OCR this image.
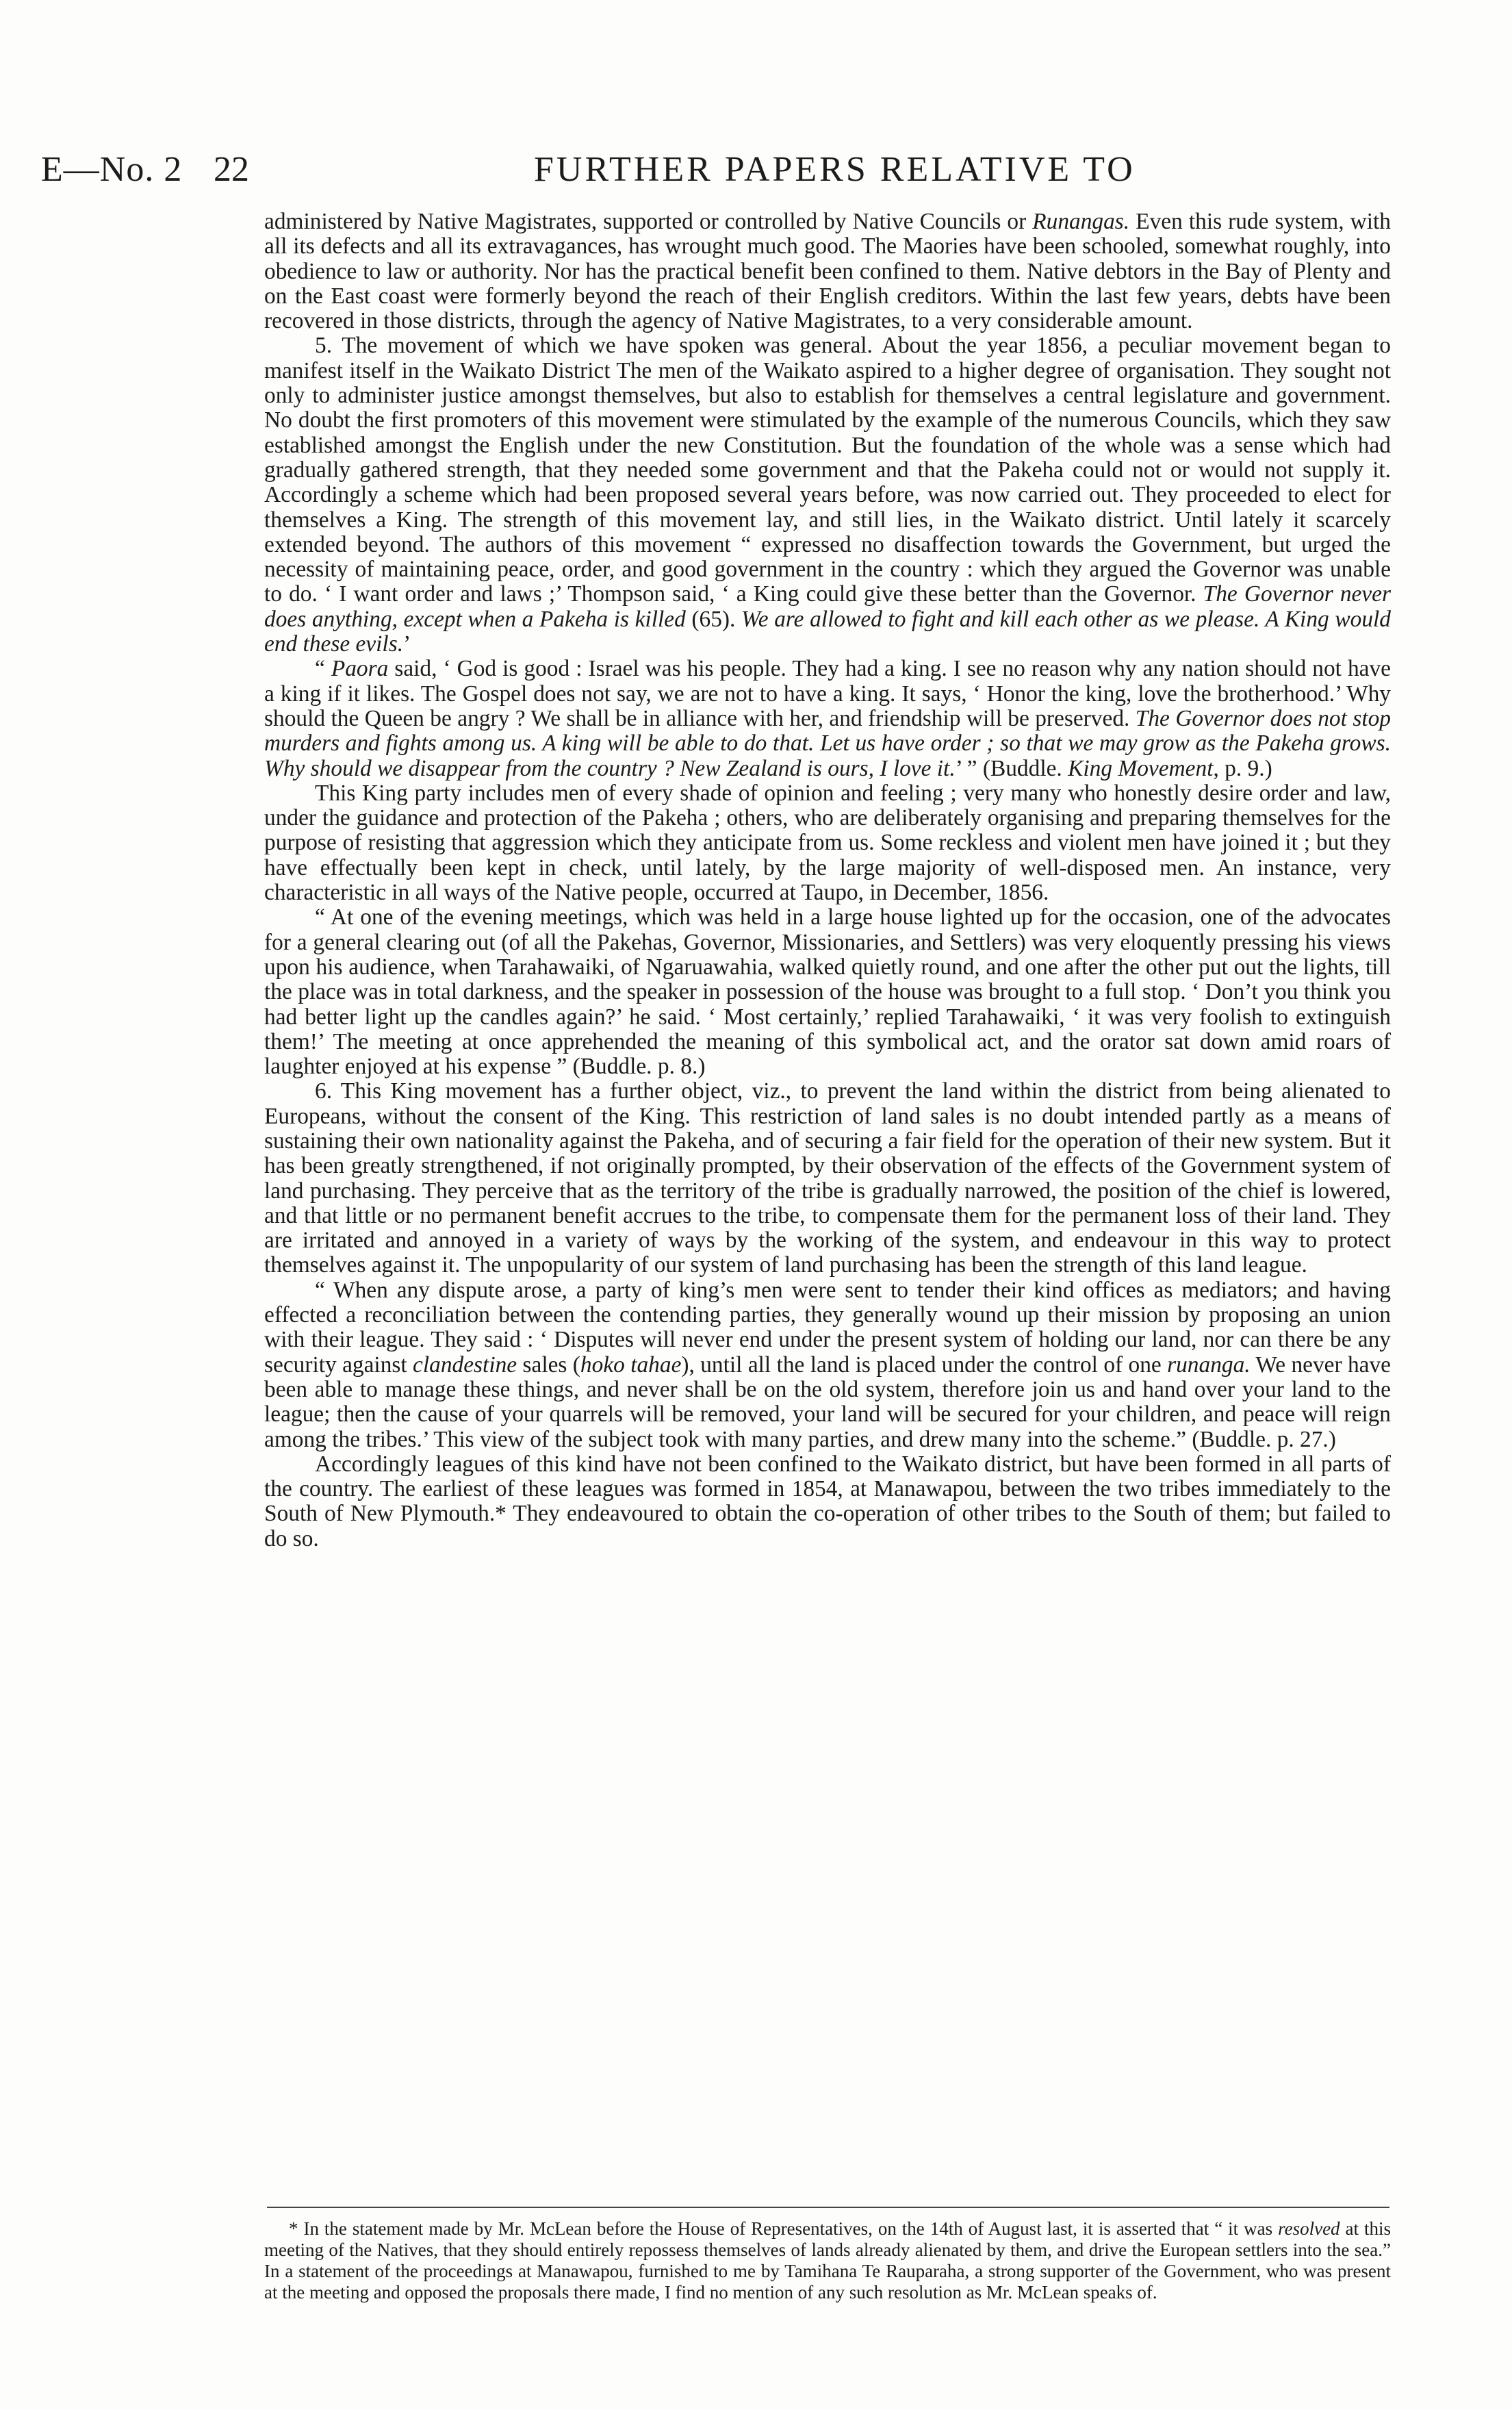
E—No. 2 22	FURTHER PAPERS RELATIVE TO

administered by Native Magistrates, supported or controlled by Native Councils or Runangas. Even this rude system, with all its defects and all its extravagances, has wrought much good. The Maories have been schooled, somewhat roughly, into obedience to law or authority. Nor has the practical benefit been confined to them. Native debtors in the Bay of Plenty and on the East coast were formerly beyond the reach of their English creditors. Within the last few years, debts have been recovered in those districts, through the agency of Native Magistrates, to a very considerable amount.

5. The movement of which we have spoken was general. About the year 1856, a peculiar movement began to manifest itself in the Waikato District The men of the Waikato aspired to a higher degree of organisation. They sought not only to administer justice amongst themselves, but also to establish for themselves a central legislature and government. No doubt the first promoters of this movement were stimulated by the example of the numerous Councils, which they saw established amongst the English under the new Constitution. But the foundation of the whole was a sense which had gradually gathered strength, that they needed some government and that the Pakeha could not or would not supply it. Accordingly a scheme which had been proposed several years before, was now carried out. They proceeded to elect for themselves a King. The strength of this movement lay, and still lies, in the Waikato district. Until lately it scarcely extended beyond. The authors of this movement “ expressed no disaffection towards the Government, but urged the necessity of maintaining peace, order, and good government in the country : which they argued the Governor was unable to do. ‘ I want order and laws ;’ Thompson said, ‘ a King could give these better than the Governor. The Governor never does anything, except when a Pakeha is killed (65). We are allowed to fight and kill each other as we please. A King would end these evils.’

“ Paora said, ‘ God is good : Israel was his people. They had a king. I see no reason why any nation should not have a king if it likes. The Gospel does not say, we are not to have a king. It says, ‘ Honor the king, love the brotherhood.’ Why should the Queen be angry ? We shall be in alliance with her, and friendship will be preserved. The Governor does not stop murders and fights among us. A king will be able to do that. Let us have order ; so that we may grow as the Pakeha grows. Why should we disappear from the country ? New Zealand is ours, I love it.’ ” (Buddle. King Movement, p. 9.)

This King party includes men of every shade of opinion and feeling ; very many who honestly desire order and law, under the guidance and protection of the Pakeha ; others, who are deliberately organising and preparing themselves for the purpose of resisting that aggression which they anticipate from us. Some reckless and violent men have joined it ; but they have effectually been kept in check, until lately, by the large majority of well-disposed men. An instance, very characteristic in all ways of the Native people, occurred at Taupo, in December, 1856.

“ At one of the evening meetings, which was held in a large house lighted up for the occasion, one of the advocates for a general clearing out (of all the Pakehas, Governor, Missionaries, and Settlers) was very eloquently pressing his views upon his audience, when Tarahawaiki, of Ngaruawahia, walked quietly round, and one after the other put out the lights, till the place was in total darkness, and the speaker in possession of the house was brought to a full stop. ‘ Don’t you think you had better light up the candles again?’ he said. ‘ Most certainly,’ replied Tarahawaiki, ‘ it was very foolish to extinguish them!’ The meeting at once apprehended the meaning of this symbolical act, and the orator sat down amid roars of laughter enjoyed at his expense ” (Buddle. p. 8.)

6. This King movement has a further object, viz., to prevent the land within the district from being alienated to Europeans, without the consent of the King. This restriction of land sales is no doubt intended partly as a means of sustaining their own nationality against the Pakeha, and of securing a fair field for the operation of their new system. But it has been greatly strengthened, if not originally prompted, by their observation of the effects of the Government system of land purchasing. They perceive that as the territory of the tribe is gradually narrowed, the position of the chief is lowered, and that little or no permanent benefit accrues to the tribe, to compensate them for the permanent loss of their land. They are irritated and annoyed in a variety of ways by the working of the system, and endeavour in this way to protect themselves against it. The unpopularity of our system of land purchasing has been the strength of this land league.

“ When any dispute arose, a party of king’s men were sent to tender their kind offices as mediators; and having effected a reconciliation between the contending parties, they generally wound up their mission by proposing an union with their league. They said : ‘ Disputes will never end under the present system of holding our land, nor can there be any security against clandestine sales (hoko tahae), until all the land is placed under the control of one runanga. We never have been able to manage these things, and never shall be on the old system, therefore join us and hand over your land to the league; then the cause of your quarrels will be removed, your land will be secured for your children, and peace will reign among the tribes.’ This view of the subject took with many parties, and drew many into the scheme.” (Buddle. p. 27.)

Accordingly leagues of this kind have not been confined to the Waikato district, but have been formed in all parts of the country. The earliest of these leagues was formed in 1854, at Manawapou, between the two tribes immediately to the South of New Plymouth.* They endeavoured to obtain the co-operation of other tribes to the South of them; but failed to do so.

* In the statement made by Mr. McLean before the House of Representatives, on the 14th of August last, it is asserted that “ it was resolved at this meeting of the Natives, that they should entirely repossess themselves of lands already alienated by them, and drive the European settlers into the sea.” In a statement of the proceedings at Manawapou, furnished to me by Tamihana Te Rauparaha, a strong supporter of the Government, who was present at the meeting and opposed the proposals there made, I find no mention of any such resolution as Mr. McLean speaks of.
